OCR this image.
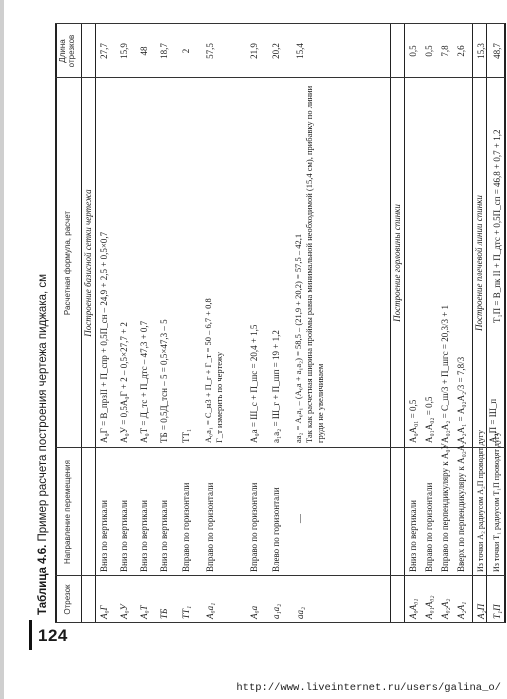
Таблица 4.6. Пример расчета построения чертежа пиджака, см
Отрезок
Направление перемещения
Расчетная формула, расчет
Длина отрезков
Построение базисной сетки чертежа	Построение горловины спинки	Построение плечевой линии спинки
А₀Г
Вниз по вертикали
А₀Г = В_прзII + П_спр + 0,5П_сн – 24,9 + 2,5 + 0,5×0,7
27,7
А₀У
Вниз по вертикали
А₀У = 0,5А₀Г + 2 – 0,5×27,7 + 2
15,9
А₀Т
Вниз по вертикали
А₀Т = Д_тс + П_дтс – 47,3 + 0,7
48
ТБ
Вниз по вертикали
ТБ = 0,5Д_тсн – 5 = 0,5×47,3 – 5
18,7
ТТ₁
Вправо по горизонтали
ТТ₁
2
А₀а₁
Вправо по горизонтали
А₀а₁ = С_н3 + П_г + Г_т = 50 – 6,7 + 0,8
Г_т измерить по чертежу
57,5
А₀а
Вправо по горизонтали
А₀а = Ш_с + П_шс = 20,4 + 1,5
21,9
а₁а₂
Влево по горизонтали
а₁а₂ = Ш_г + П_шп = 19 + 1,2
20,2
аа₂
—
аа₂ = А₀а₁ – (А₀а + а₁а₂) = 58,5 – (21,9 + 20,2) = 57,5 – 42,1
Так как расчетная ширина проймы равна минимальной необходимой (15,4 см), прибавку по линии груди не увеличиваем
15,4
А₀А₀₁
Вниз по вертикали
А₀А₀₁ = 0,5
0,5
А₀₁А₀₂
Вправо по горизонтали
А₀₁А₀₂ = 0,5
0,5
А₀₂А₂
Вправо по перпендикуляру к А₀У
А₀₂А₂ = С_ш/3 + П_шгс = 20,3/3 + 1
7,8
А₂А₁
Вверх по перпендикуляру к А₀₂А₂
А₂А₁ = А₀₂А₂/3 = 7,8/3
2,6
А₂П
Из точки А₂ радиусом А₂П проводят дугу
А₂П = Ш_п
15,3
Т₁П
Из точки Т₁ радиусом Т₁П проводят дугу
Т₁П = В_пк II + П_дтс + 0,5П_сп = 46,8 + 0,7 + 1,2
48,7
124
http://www.liveinternet.ru/users/galina_o/
